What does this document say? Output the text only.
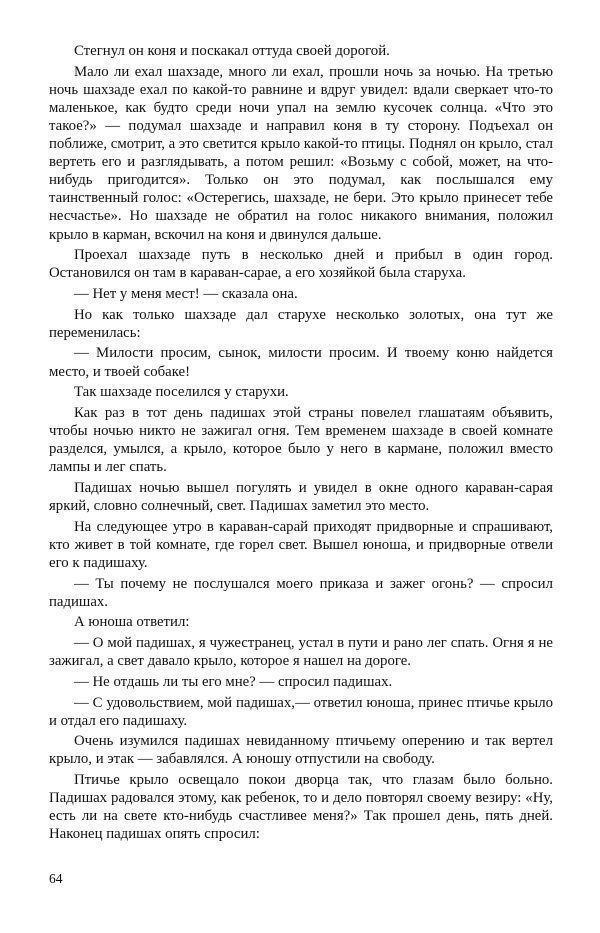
Стегнул он коня и поскакал оттуда своей дорогой.

Мало ли ехал шахзаде, много ли ехал, прошли ночь за ночью. На третью ночь шахзаде ехал по какой-то равнине и вдруг увидел: вдали сверкает что-то маленькое, как будто среди ночи упал на землю кусочек солнца. «Что это такое?» — подумал шахзаде и направил коня в ту сторону. Подъехал он поближе, смотрит, а это светится крыло какой-то птицы. Поднял он крыло, стал вертеть его и разглядывать, а потом решил: «Возьму с собой, может, на что-нибудь пригодится». Только он это подумал, как послышался ему таинственный голос: «Остерегись, шахзаде, не бери. Это крыло принесет тебе несчастье». Но шахзаде не обратил на голос никакого внимания, положил крыло в карман, вскочил на коня и двинулся дальше.

Проехал шахзаде путь в несколько дней и прибыл в один город. Остановился он там в караван-сарае, а его хозяйкой была старуха.

— Нет у меня мест! — сказала она.

Но как только шахзаде дал старухе несколько золотых, она тут же переменилась:

— Милости просим, сынок, милости просим. И твоему коню найдется место, и твоей собаке!

Так шахзаде поселился у старухи.

Как раз в тот день падишах этой страны повелел глашатаям объявить, чтобы ночью никто не зажигал огня. Тем временем шахзаде в своей комнате разделся, умылся, а крыло, которое было у него в кармане, положил вместо лампы и лег спать.

Падишах ночью вышел погулять и увидел в окне одного караван-сарая яркий, словно солнечный, свет. Падишах заметил это место.

На следующее утро в караван-сарай приходят придворные и спрашивают, кто живет в той комнате, где горел свет. Вышел юноша, и придворные отвели его к падишаху.

— Ты почему не послушался моего приказа и зажег огонь? — спросил падишах.

А юноша ответил:

— О мой падишах, я чужестранец, устал в пути и рано лег спать. Огня я не зажигал, а свет давало крыло, которое я нашел на дороге.

— Не отдашь ли ты его мне? — спросил падишах.

— С удовольствием, мой падишах,— ответил юноша, принес птичье крыло и отдал его падишаху.

Очень изумился падишах невиданному птичьему оперению и так вертел крыло, и этак — забавлялся. А юношу отпустили на свободу.

Птичье крыло освещало покои дворца так, что глазам было больно. Падишах радовался этому, как ребенок, то и дело повторял своему везиру: «Ну, есть ли на свете кто-нибудь счастливее меня?» Так прошел день, пять дней. Наконец падишах опять спросил:

64
